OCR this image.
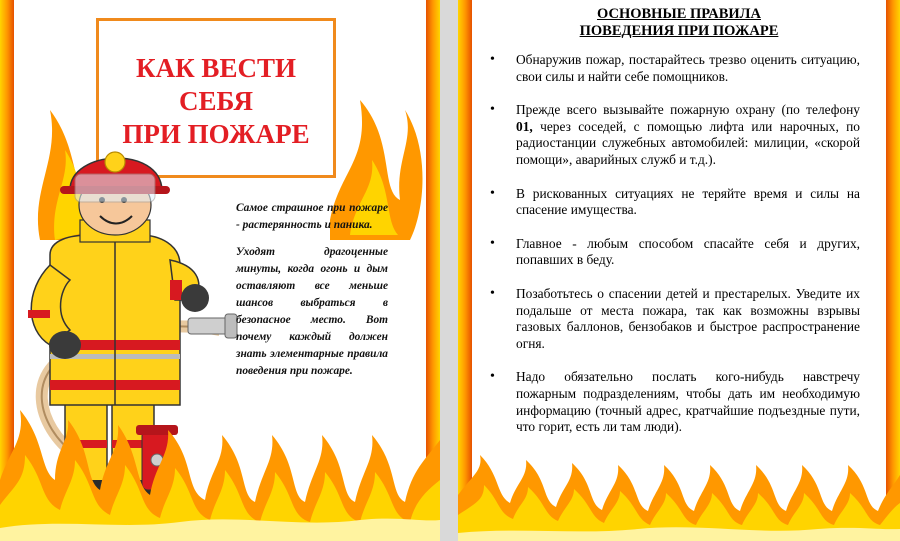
КАК ВЕСТИ
СЕБЯ
ПРИ ПОЖАРЕ

Самое страшное при пожаре - растерянность и паника.

Уходят драгоценные минуты, когда огонь и дым оставляют все меньше шансов выбраться в безопасное место. Вот почему каждый должен знать элементарные правила поведения при пожаре.

ОСНОВНЫЕ ПРАВИЛА
ПОВЕДЕНИЯ ПРИ ПОЖАРЕ
• Обнаружив пожар, постарайтесь трезво оценить ситуацию, свои силы и найти себе помощников.
• Прежде всего вызывайте пожарную охрану (по телефону 01, через соседей, с помощью лифта или нарочных, по радиостанции служебных автомобилей: милиции, «скорой помощи», аварийных служб и т.д.).
• В рискованных ситуациях не теряйте время и силы на спасение имущества.
• Главное - любым способом спасайте себя и других, попавших в беду.
• Позаботьтесь о спасении детей и престарелых. Уведите их подальше от места пожара, так как возможны взрывы газовых баллонов, бензобаков и быстрое распространение огня.
• Надо обязательно послать кого-нибудь навстречу пожарным подразделениям, чтобы дать им необходимую информацию (точный адрес, кратчайшие подъездные пути, что горит, есть ли там люди).
